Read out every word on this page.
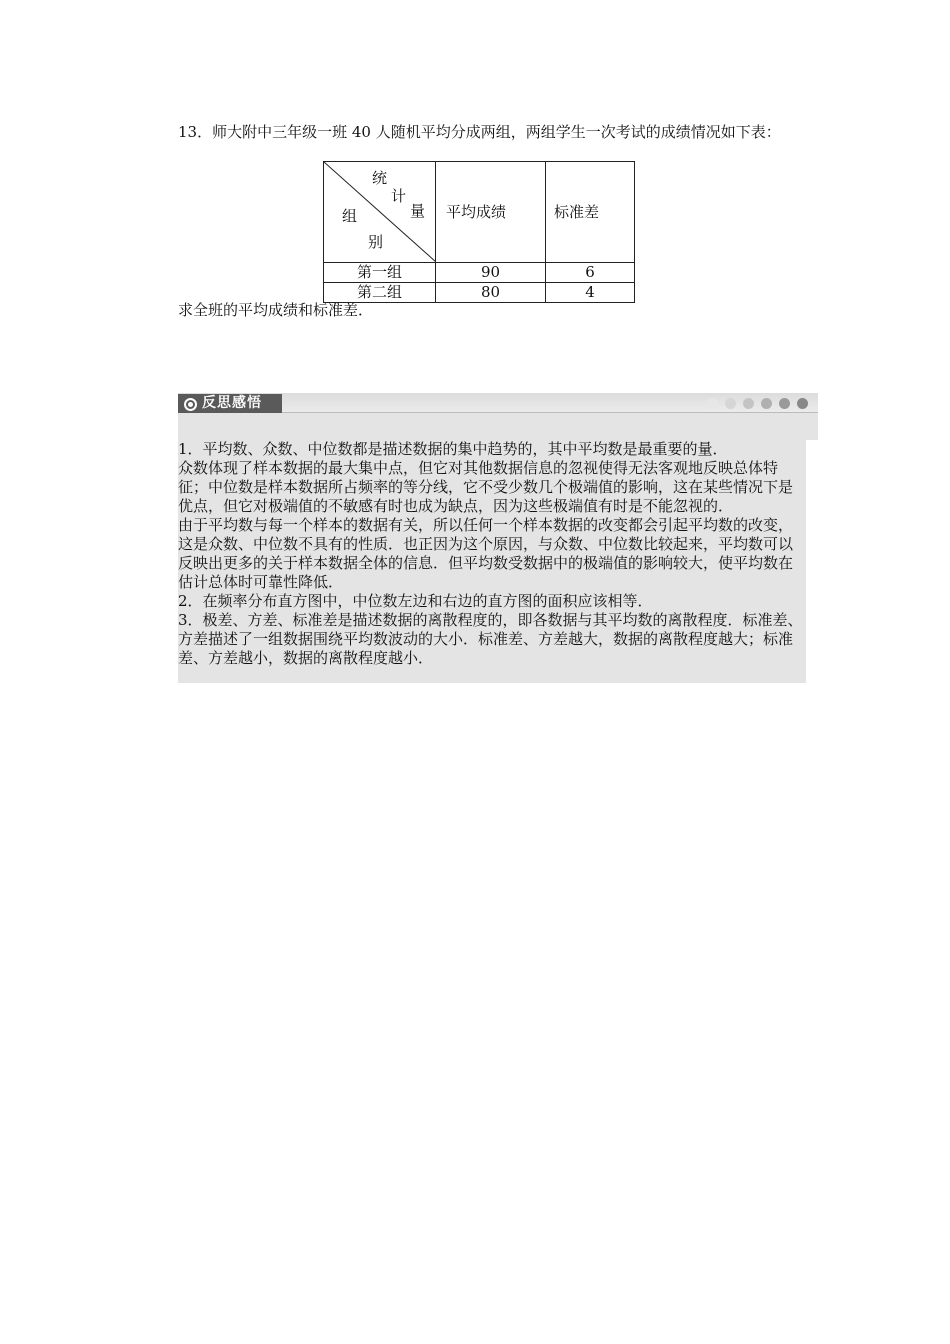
13．师大附中三年级一班 40 人随机平均分成两组，两组学生一次考试的成绩情况如下表：

统
计
量
组
别	平均成绩	标准差
第一组	90	6
第二组	80	4

求全班的平均成绩和标准差．

反思感悟

1．平均数、众数、中位数都是描述数据的集中趋势的，其中平均数是最重要的量．

众数体现了样本数据的最大集中点，但它对其他数据信息的忽视使得无法客观地反映总体特征；中位数是样本数据所占频率的等分线，它不受少数几个极端值的影响，这在某些情况下是优点，但它对极端值的不敏感有时也成为缺点，因为这些极端值有时是不能忽视的．

由于平均数与每一个样本的数据有关，所以任何一个样本数据的改变都会引起平均数的改变，这是众数、中位数不具有的性质．也正因为这个原因，与众数、中位数比较起来，平均数可以反映出更多的关于样本数据全体的信息．但平均数受数据中的极端值的影响较大，使平均数在估计总体时可靠性降低．

2．在频率分布直方图中，中位数左边和右边的直方图的面积应该相等．

3．极差、方差、标准差是描述数据的离散程度的，即各数据与其平均数的离散程度．标准差、方差描述了一组数据围绕平均数波动的大小．标准差、方差越大，数据的离散程度越大；标准差、方差越小，数据的离散程度越小．
